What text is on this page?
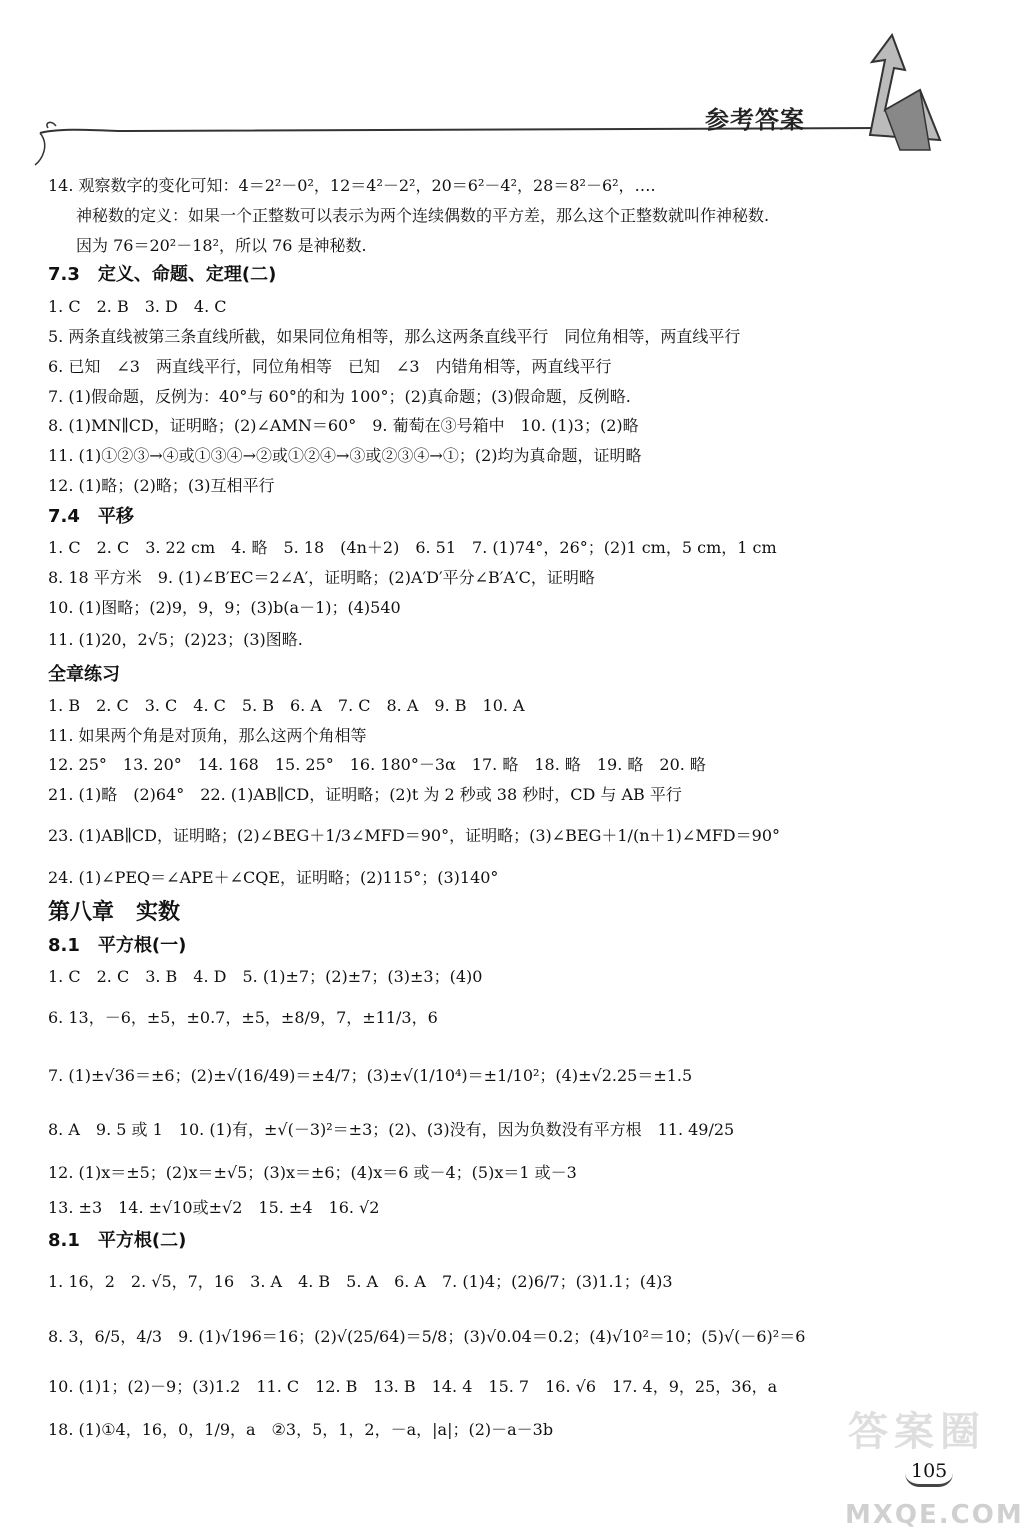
参考答案
14. 观察数字的变化可知：4＝2²－0²，12＝4²－2²，20＝6²－4²，28＝8²－6²，….
神秘数的定义：如果一个正整数可以表示为两个连续偶数的平方差，那么这个正整数就叫作神秘数.
因为 76＝20²－18²，所以 76 是神秘数.
7.3　定义、命题、定理(二)
1. C　2. B　3. D　4. C
5. 两条直线被第三条直线所截，如果同位角相等，那么这两条直线平行　同位角相等，两直线平行
6. 已知　∠3　两直线平行，同位角相等　已知　∠3　内错角相等，两直线平行
7. (1)假命题，反例为：40°与 60°的和为 100°；(2)真命题；(3)假命题，反例略.
8. (1)MN∥CD，证明略；(2)∠AMN＝60°　9. 葡萄在③号箱中　10. (1)3；(2)略
11. (1)①②③→④或①③④→②或①②④→③或②③④→①；(2)均为真命题，证明略
12. (1)略；(2)略；(3)互相平行
7.4　平移
1. C　2. C　3. 22 cm　4. 略　5. 18　(4n＋2)　6. 51　7. (1)74°，26°；(2)1 cm，5 cm，1 cm
8. 18 平方米　9. (1)∠B′EC＝2∠A′，证明略；(2)A′D′平分∠B′A′C，证明略
10. (1)图略；(2)9，9，9；(3)b(a－1)；(4)540
11. (1)20，2√5；(2)23；(3)图略.
全章练习
1. B　2. C　3. C　4. C　5. B　6. A　7. C　8. A　9. B　10. A
11. 如果两个角是对顶角，那么这两个角相等
12. 25°　13. 20°　14. 168　15. 25°　16. 180°－3α　17. 略　18. 略　19. 略　20. 略
21. (1)略　(2)64°　22. (1)AB∥CD，证明略；(2)t 为 2 秒或 38 秒时，CD 与 AB 平行
23. (1)AB∥CD，证明略；(2)∠BEG＋1/3∠MFD＝90°，证明略；(3)∠BEG＋1/(n＋1)∠MFD＝90°
24. (1)∠PEQ＝∠APE＋∠CQE，证明略；(2)115°；(3)140°
第八章　实数
8.1　平方根(一)
1. C　2. C　3. B　4. D　5. (1)±7；(2)±7；(3)±3；(4)0
6. 13，－6，±5，±0.7，±5，±8/9，7，±11/3，6
7. (1)±√36＝±6；(2)±√(16/49)＝±4/7；(3)±√(1/10⁴)＝±1/10²；(4)±√2.25＝±1.5
8. A　9. 5 或 1　10. (1)有，±√(－3)²＝±3；(2)、(3)没有，因为负数没有平方根　11. 49/25
12. (1)x＝±5；(2)x＝±√5；(3)x＝±6；(4)x＝6 或－4；(5)x＝1 或－3
13. ±3　14. ±√10或±√2　15. ±4　16. √2
8.1　平方根(二)
1. 16，2　2. √5，7，16　3. A　4. B　5. A　6. A　7. (1)4；(2)6/7；(3)1.1；(4)3
8. 3，6/5，4/3　9. (1)√196＝16；(2)√(25/64)＝5/8；(3)√0.04＝0.2；(4)√10²＝10；(5)√(－6)²＝6
10. (1)1；(2)－9；(3)1.2　11. C　12. B　13. B　14. 4　15. 7　16. √6　17. 4，9，25，36，a
18. (1)①4，16，0，1/9，a　②3，5，1，2，－a，|a|；(2)－a－3b
105
答案圈
MXQE.COM
